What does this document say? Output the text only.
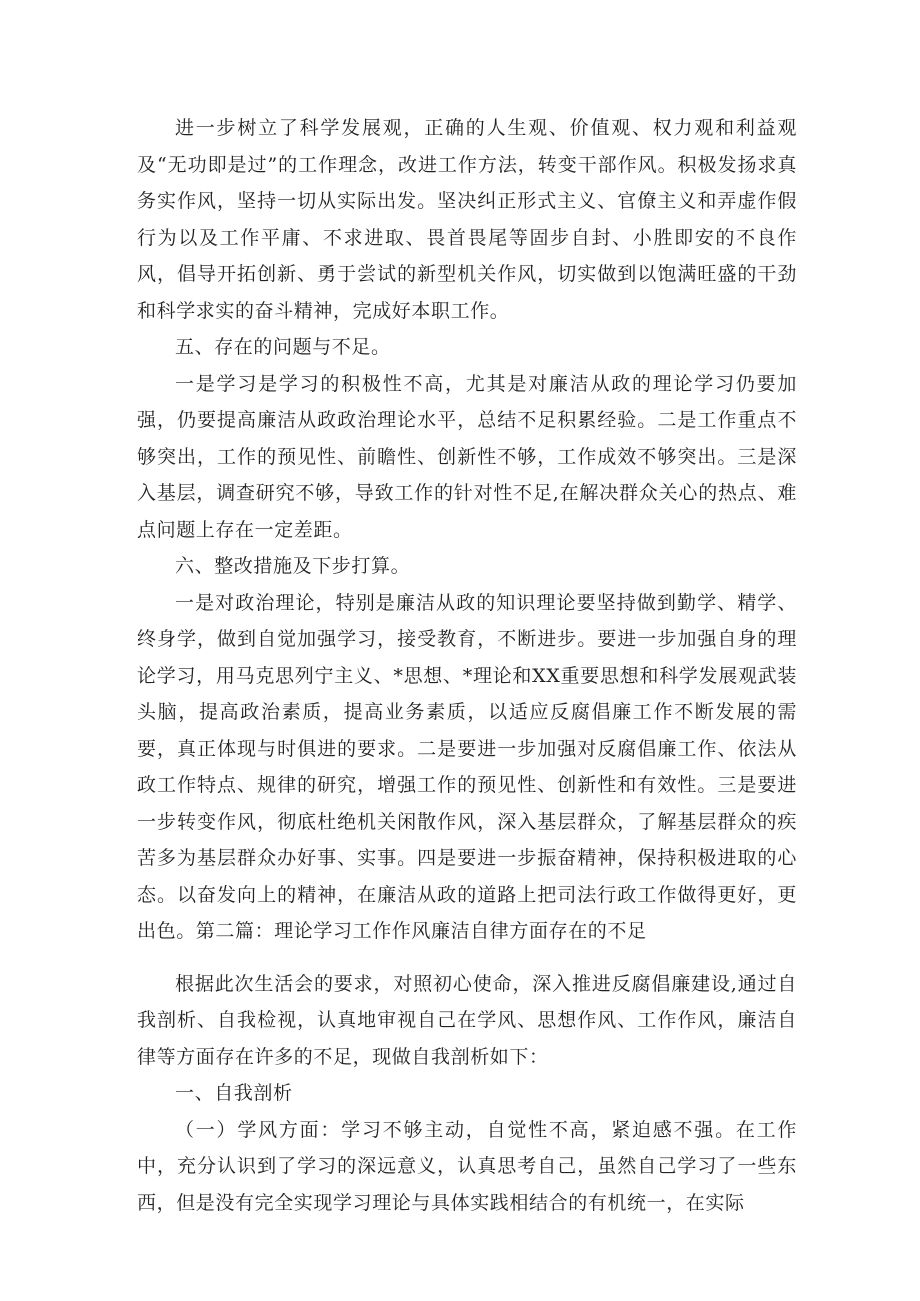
进一步树立了科学发展观，正确的人生观、价值观、权力观和利益观及“无功即是过”的工作理念，改进工作方法，转变干部作风。积极发扬求真务实作风，坚持一切从实际出发。坚决纠正形式主义、官僚主义和弄虚作假行为以及工作平庸、不求进取、畏首畏尾等固步自封、小胜即安的不良作风，倡导开拓创新、勇于尝试的新型机关作风，切实做到以饱满旺盛的干劲和科学求实的奋斗精神，完成好本职工作。

五、存在的问题与不足。

一是学习是学习的积极性不高，尤其是对廉洁从政的理论学习仍要加强，仍要提高廉洁从政政治理论水平，总结不足积累经验。二是工作重点不够突出，工作的预见性、前瞻性、创新性不够，工作成效不够突出。三是深入基层，调查研究不够，导致工作的针对性不足,在解决群众关心的热点、难点问题上存在一定差距。

六、整改措施及下步打算。

一是对政治理论，特别是廉洁从政的知识理论要坚持做到勤学、精学、终身学，做到自觉加强学习，接受教育，不断进步。要进一步加强自身的理论学习，用马克思列宁主义、*思想、*理论和XX重要思想和科学发展观武装头脑，提高政治素质，提高业务素质，以适应反腐倡廉工作不断发展的需要，真正体现与时俱进的要求。二是要进一步加强对反腐倡廉工作、依法从政工作特点、规律的研究，增强工作的预见性、创新性和有效性。三是要进一步转变作风，彻底杜绝机关闲散作风，深入基层群众，了解基层群众的疾苦多为基层群众办好事、实事。四是要进一步振奋精神，保持积极进取的心态。以奋发向上的精神，在廉洁从政的道路上把司法行政工作做得更好，更出色。第二篇：理论学习工作作风廉洁自律方面存在的不足

根据此次生活会的要求，对照初心使命，深入推进反腐倡廉建设,通过自我剖析、自我检视，认真地审视自己在学风、思想作风、工作作风，廉洁自律等方面存在许多的不足，现做自我剖析如下：

一、自我剖析

（一）学风方面：学习不够主动，自觉性不高，紧迫感不强。在工作中，充分认识到了学习的深远意义，认真思考自己，虽然自己学习了一些东西，但是没有完全实现学习理论与具体实践相结合的有机统一，在实际
